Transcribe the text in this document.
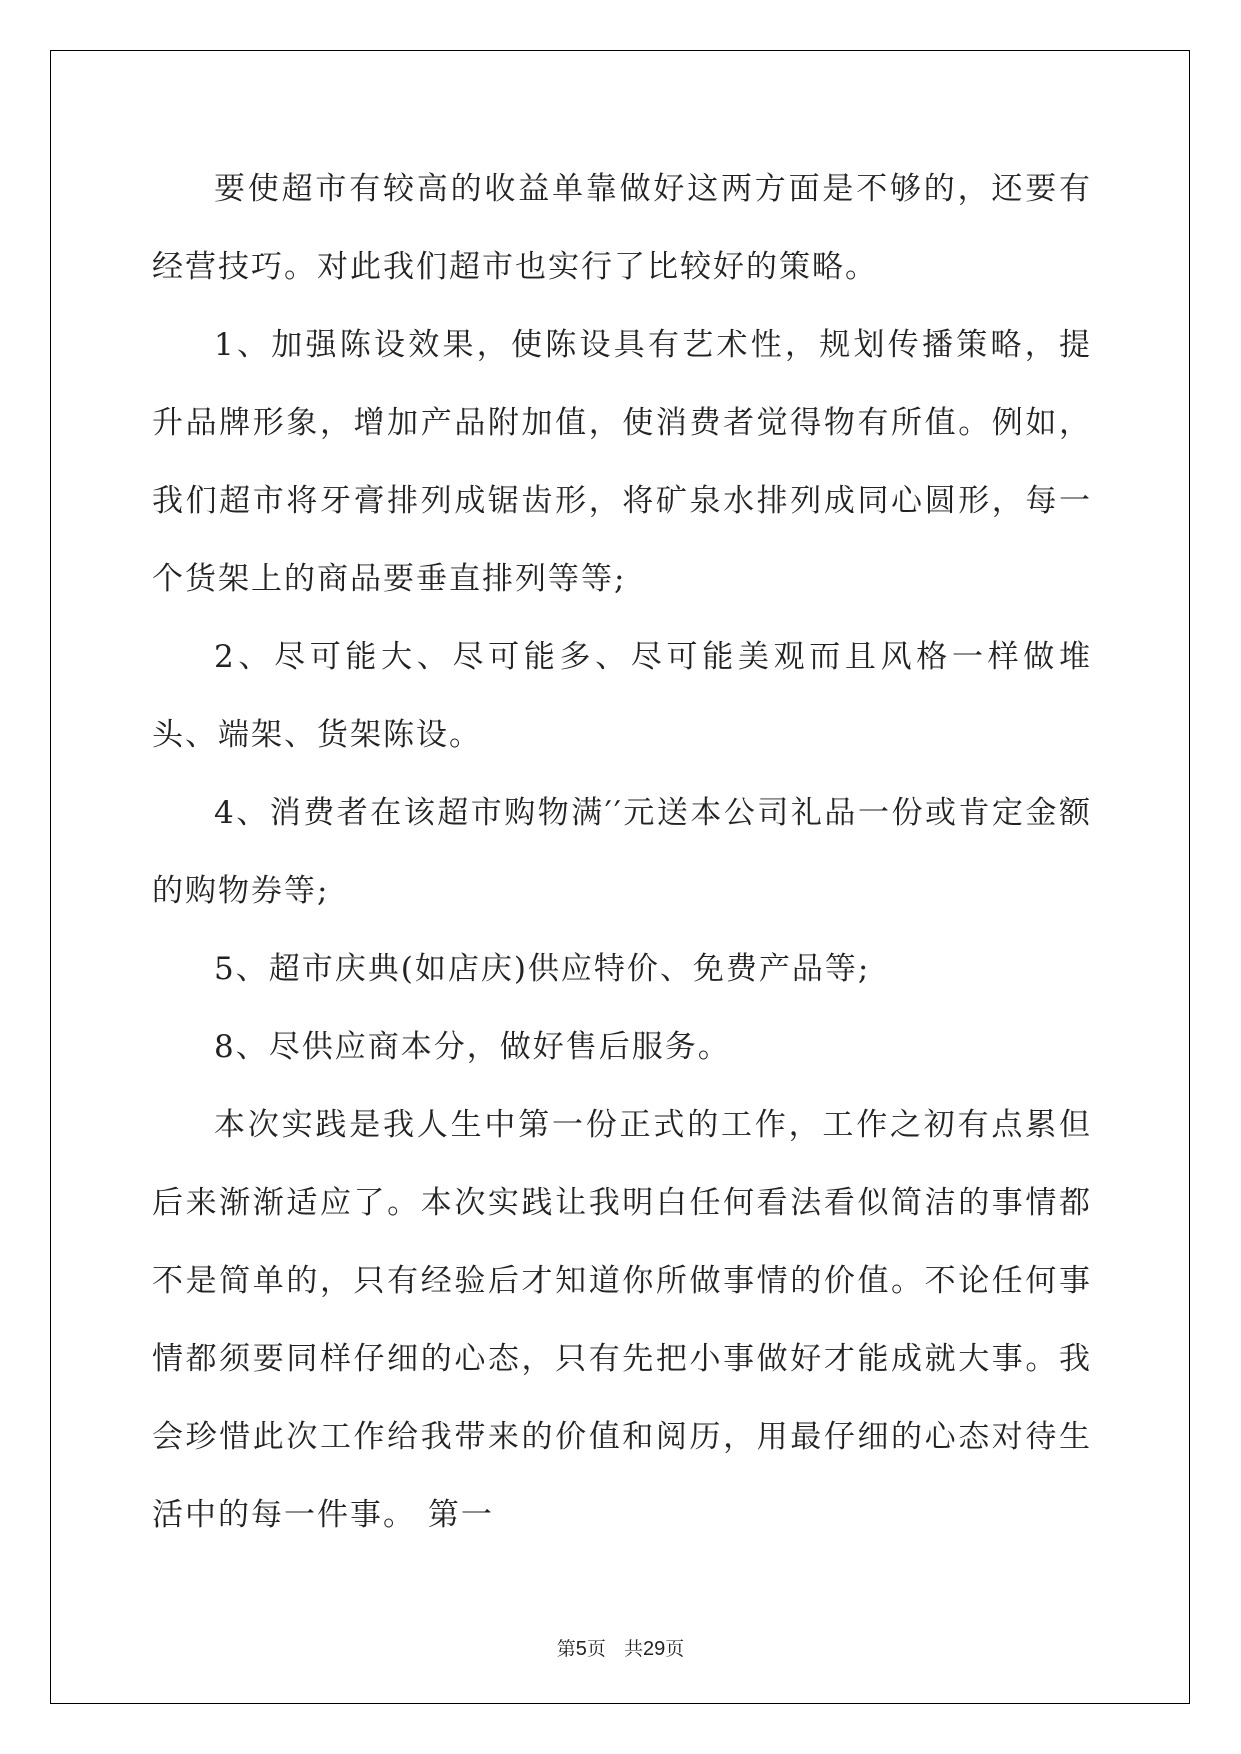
要使超市有较高的收益单靠做好这两方面是不够的，还要有经营技巧。对此我们超市也实行了比较好的策略。

1、加强陈设效果，使陈设具有艺术性，规划传播策略，提升品牌形象，增加产品附加值，使消费者觉得物有所值。例如，我们超市将牙膏排列成锯齿形，将矿泉水排列成同心圆形，每一个货架上的商品要垂直排列等等;

2、尽可能大、尽可能多、尽可能美观而且风格一样做堆头、端架、货架陈设。

4、消费者在该超市购物满′′元送本公司礼品一份或肯定金额的购物券等;

5、超市庆典(如店庆)供应特价、免费产品等;

8、尽供应商本分，做好售后服务。

本次实践是我人生中第一份正式的工作，工作之初有点累但后来渐渐适应了。本次实践让我明白任何看法看似简洁的事情都不是简单的，只有经验后才知道你所做事情的价值。不论任何事情都须要同样仔细的心态，只有先把小事做好才能成就大事。我会珍惜此次工作给我带来的价值和阅历，用最仔细的心态对待生活中的每一件事。 第一

第5页 共29页
